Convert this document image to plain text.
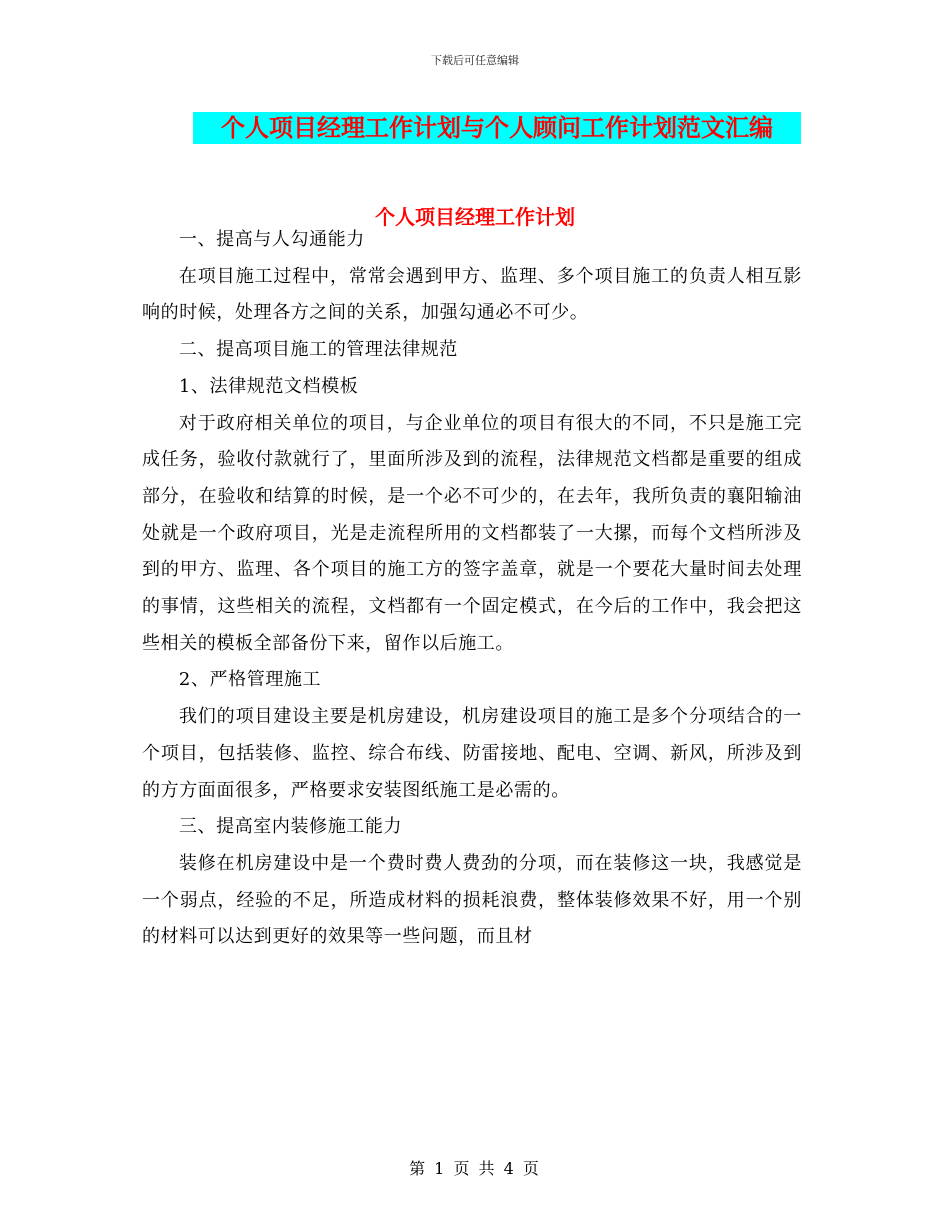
下载后可任意编辑
个人项目经理工作计划与个人顾问工作计划范文汇编
个人项目经理工作计划

一、提高与人勾通能力

在项目施工过程中，常常会遇到甲方、监理、多个项目施工的负责人相互影响的时候，处理各方之间的关系，加强勾通必不可少。

二、提高项目施工的管理法律规范

1、法律规范文档模板

对于政府相关单位的项目，与企业单位的项目有很大的不同，不只是施工完成任务，验收付款就行了，里面所涉及到的流程，法律规范文档都是重要的组成部分，在验收和结算的时候，是一个必不可少的，在去年，我所负责的襄阳输油处就是一个政府项目，光是走流程所用的文档都装了一大摞，而每个文档所涉及到的甲方、监理、各个项目的施工方的签字盖章，就是一个要花大量时间去处理的事情，这些相关的流程，文档都有一个固定模式，在今后的工作中，我会把这些相关的模板全部备份下来，留作以后施工。

2、严格管理施工

我们的项目建设主要是机房建设，机房建设项目的施工是多个分项结合的一个项目，包括装修、监控、综合布线、防雷接地、配电、空调、新风，所涉及到的方方面面很多，严格要求安装图纸施工是必需的。

三、提高室内装修施工能力

装修在机房建设中是一个费时费人费劲的分项，而在装修这一块，我感觉是一个弱点，经验的不足，所造成材料的损耗浪费，整体装修效果不好，用一个别的材料可以达到更好的效果等一些问题，而且材

第 1 页 共 4 页
